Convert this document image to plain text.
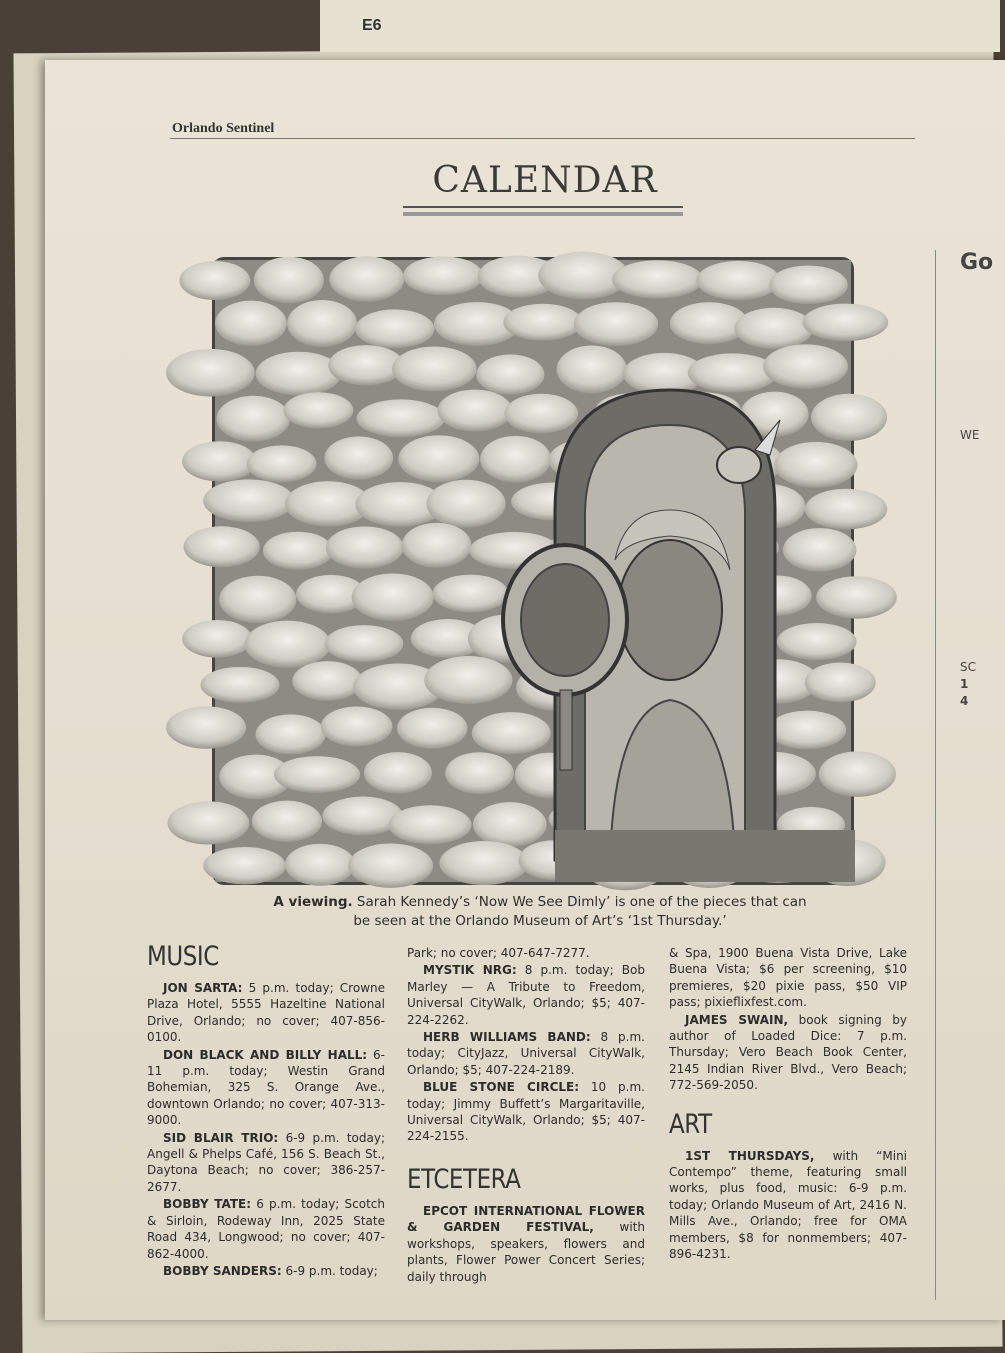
E6
Orlando Sentinel
CALENDAR
A viewing. Sarah Kennedy’s ‘Now We See Dimly’ is one of the pieces that can be seen at the Orlando Museum of Art’s ‘1st Thursday.’
MUSIC

JON SARTA: 5 p.m. today; Crowne Plaza Hotel, 5555 Hazeltine National Drive, Orlando; no cover; 407-856-0100.

DON BLACK AND BILLY HALL: 6-11 p.m. today; Westin Grand Bohemian, 325 S. Orange Ave., downtown Orlando; no cover; 407-313-9000.

SID BLAIR TRIO: 6-9 p.m. today; Angell & Phelps Café, 156 S. Beach St., Daytona Beach; no cover; 386-257-2677.

BOBBY TATE: 6 p.m. today; Scotch & Sirloin, Rodeway Inn, 2025 State Road 434, Longwood; no cover; 407-862-4000.

BOBBY SANDERS: 6-9 p.m. today;

Park; no cover; 407-647-7277.

MYSTIK NRG: 8 p.m. today; Bob Marley — A Tribute to Freedom, Universal CityWalk, Orlando; $5; 407-224-2262.

HERB WILLIAMS BAND: 8 p.m. today; CityJazz, Universal CityWalk, Orlando; $5; 407-224-2189.

BLUE STONE CIRCLE: 10 p.m. today; Jimmy Buffett’s Margaritaville, Universal CityWalk, Orlando; $5; 407-224-2155.

ETCETERA

EPCOT INTERNATIONAL FLOWER & GARDEN FESTIVAL, with workshops, speakers, flowers and plants, Flower Power Concert Series; daily through

& Spa, 1900 Buena Vista Drive, Lake Buena Vista; $6 per screening, $10 premieres, $20 pixie pass, $50 VIP pass; pixieflixfest.com.

JAMES SWAIN, book signing by author of Loaded Dice: 7 p.m. Thursday; Vero Beach Book Center, 2145 Indian River Blvd., Vero Beach; 772-569-2050.

ART

1ST THURSDAYS, with “Mini Contempo” theme, featuring small works, plus food, music: 6-9 p.m. today; Orlando Museum of Art, 2416 N. Mills Ave., Orlando; free for OMA members, $8 for nonmembers; 407-896-4231.

Go
WE
SC
1
4
